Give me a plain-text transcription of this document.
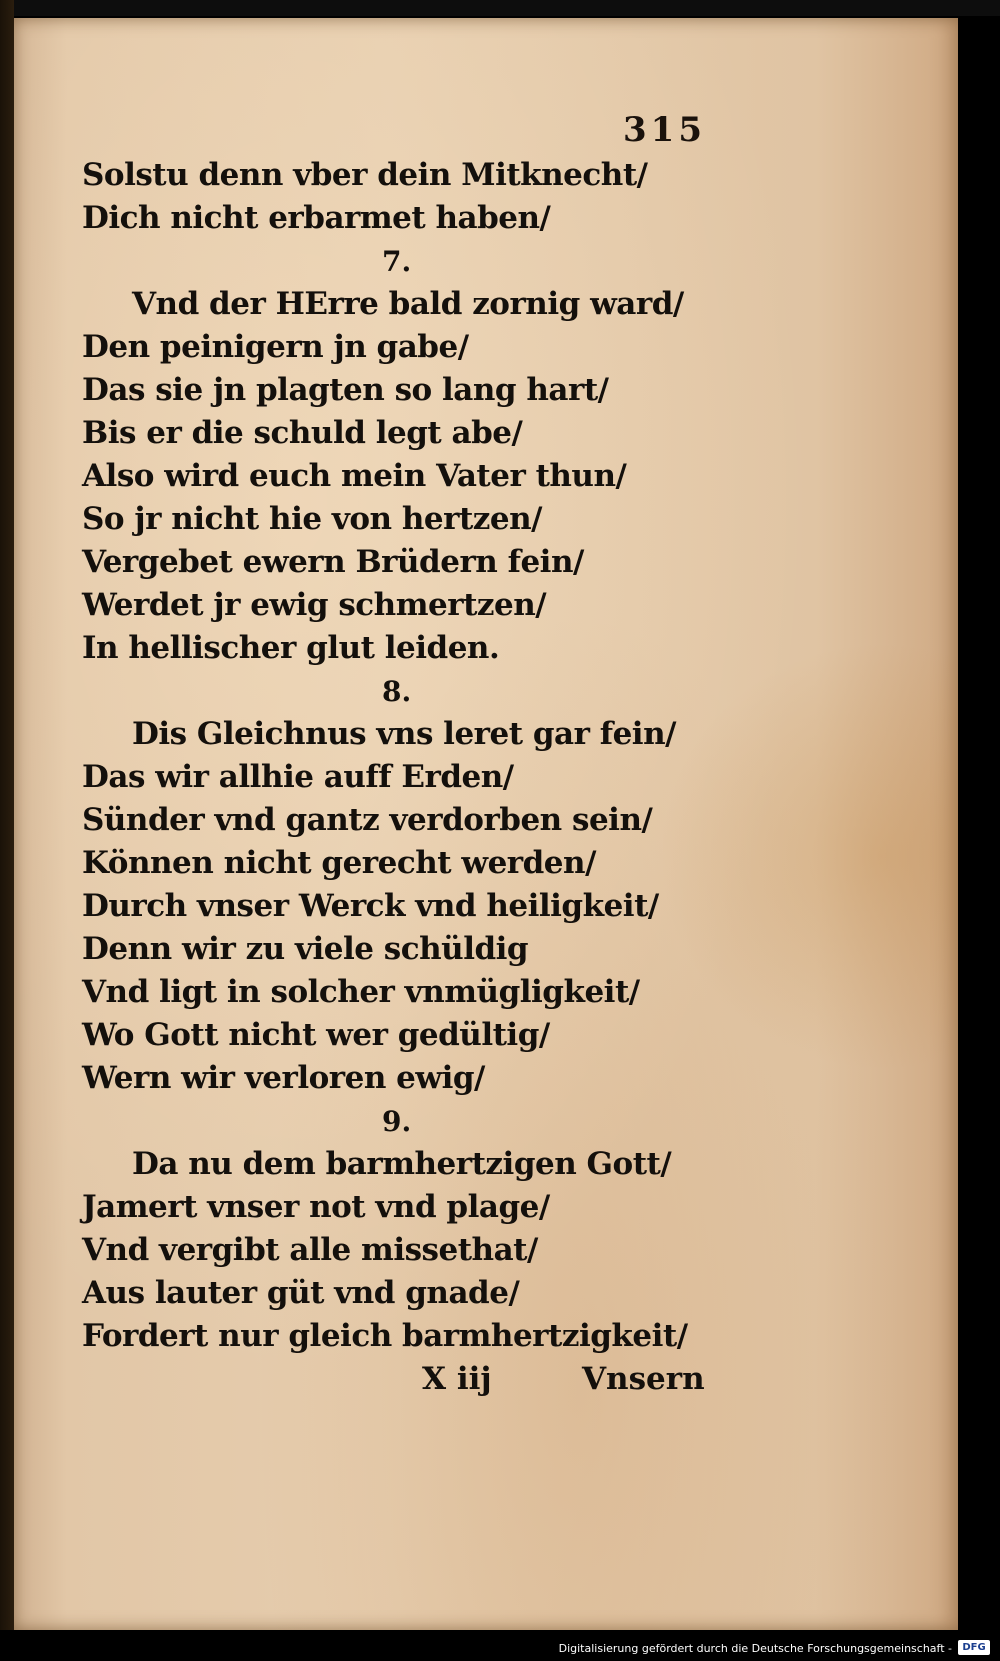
315
Solstu denn vber dein Mitknecht/
Dich nicht erbarmet haben/
7.
Vnd der HErre bald zornig ward/
Den peinigern jn gabe/
Das sie jn plagten so lang hart/
Bis er die schuld legt abe/
Also wird euch mein Vater thun/
So jr nicht hie von hertzen/
Vergebet ewern Brüdern fein/
Werdet jr ewig schmertzen/
In hellischer glut leiden.
8.
Dis Gleichnus vns leret gar fein/
Das wir allhie auff Erden/
Sünder vnd gantz verdorben sein/
Können nicht gerecht werden/
Durch vnser Werck vnd heiligkeit/
Denn wir zu viele schüldig
Vnd ligt in solcher vnmügligkeit/
Wo Gott nicht wer gedültig/
Wern wir verloren ewig/
9.
Da nu dem barmhertzigen Gott/
Jamert vnser not vnd plage/
Vnd vergibt alle missethat/
Aus lauter güt vnd gnade/
Fordert nur gleich barmhertzigkeit/
X iij	Vnsern
Digitalisierung gefördert durch die Deutsche Forschungsgemeinschaft -	DFG
